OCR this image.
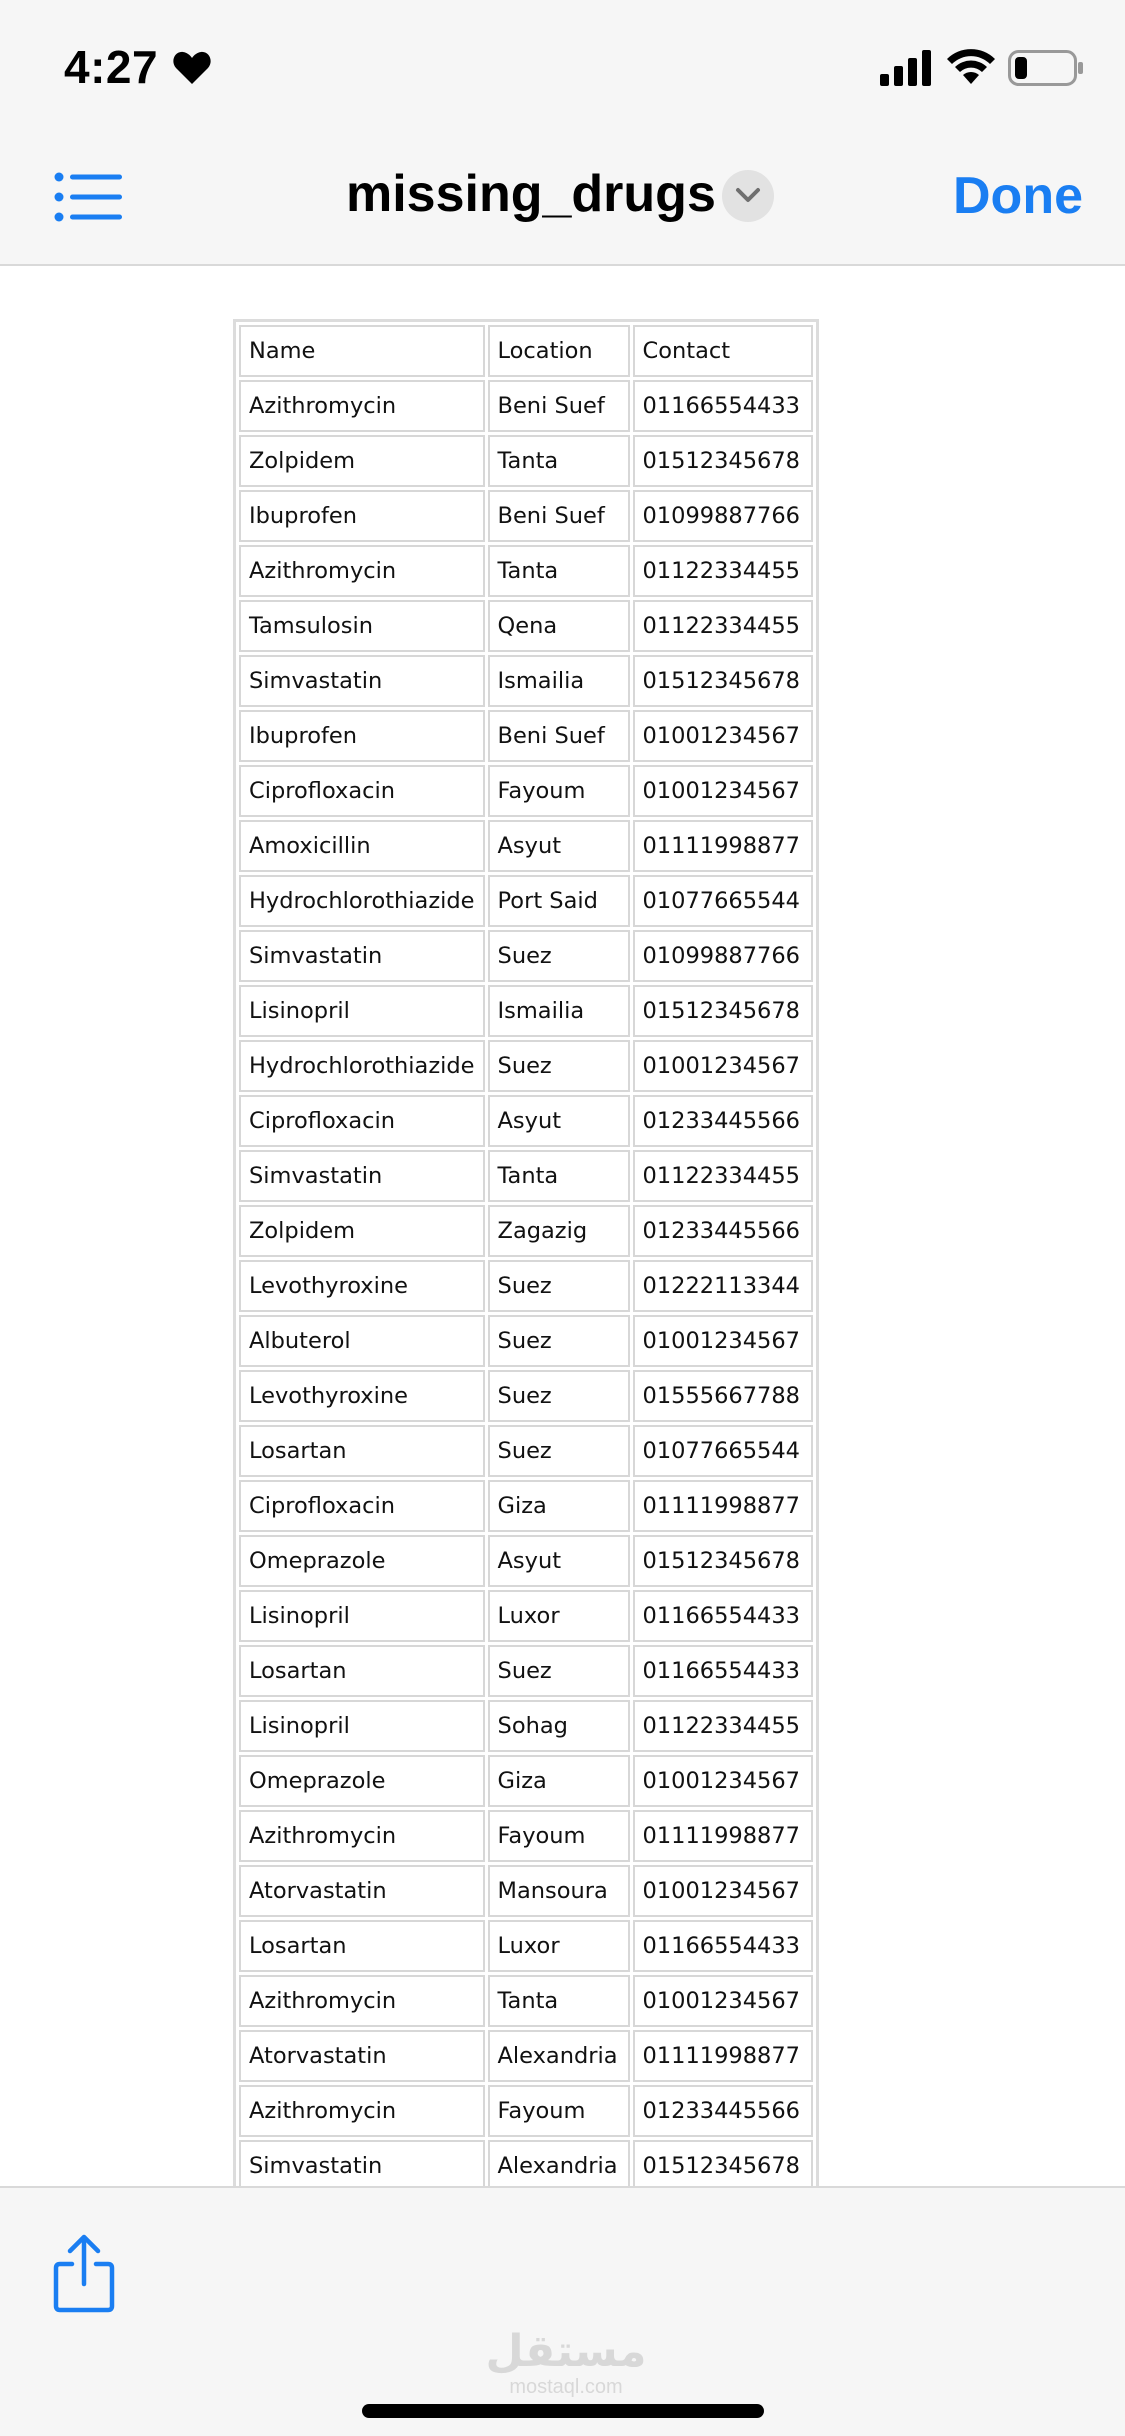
4:27
missing_drugs	Done
Name	Location	Contact
Azithromycin	Beni Suef	01166554433
Zolpidem	Tanta	01512345678
Ibuprofen	Beni Suef	01099887766
Azithromycin	Tanta	01122334455
Tamsulosin	Qena	01122334455
Simvastatin	Ismailia	01512345678
Ibuprofen	Beni Suef	01001234567
Ciprofloxacin	Fayoum	01001234567
Amoxicillin	Asyut	01111998877
Hydrochlorothiazide	Port Said	01077665544
Simvastatin	Suez	01099887766
Lisinopril	Ismailia	01512345678
Hydrochlorothiazide	Suez	01001234567
Ciprofloxacin	Asyut	01233445566
Simvastatin	Tanta	01122334455
Zolpidem	Zagazig	01233445566
Levothyroxine	Suez	01222113344
Albuterol	Suez	01001234567
Levothyroxine	Suez	01555667788
Losartan	Suez	01077665544
Ciprofloxacin	Giza	01111998877
Omeprazole	Asyut	01512345678
Lisinopril	Luxor	01166554433
Losartan	Suez	01166554433
Lisinopril	Sohag	01122334455
Omeprazole	Giza	01001234567
Azithromycin	Fayoum	01111998877
Atorvastatin	Mansoura	01001234567
Losartan	Luxor	01166554433
Azithromycin	Tanta	01001234567
Atorvastatin	Alexandria	01111998877
Azithromycin	Fayoum	01233445566
Simvastatin	Alexandria	01512345678
مستقل
mostaql.com
